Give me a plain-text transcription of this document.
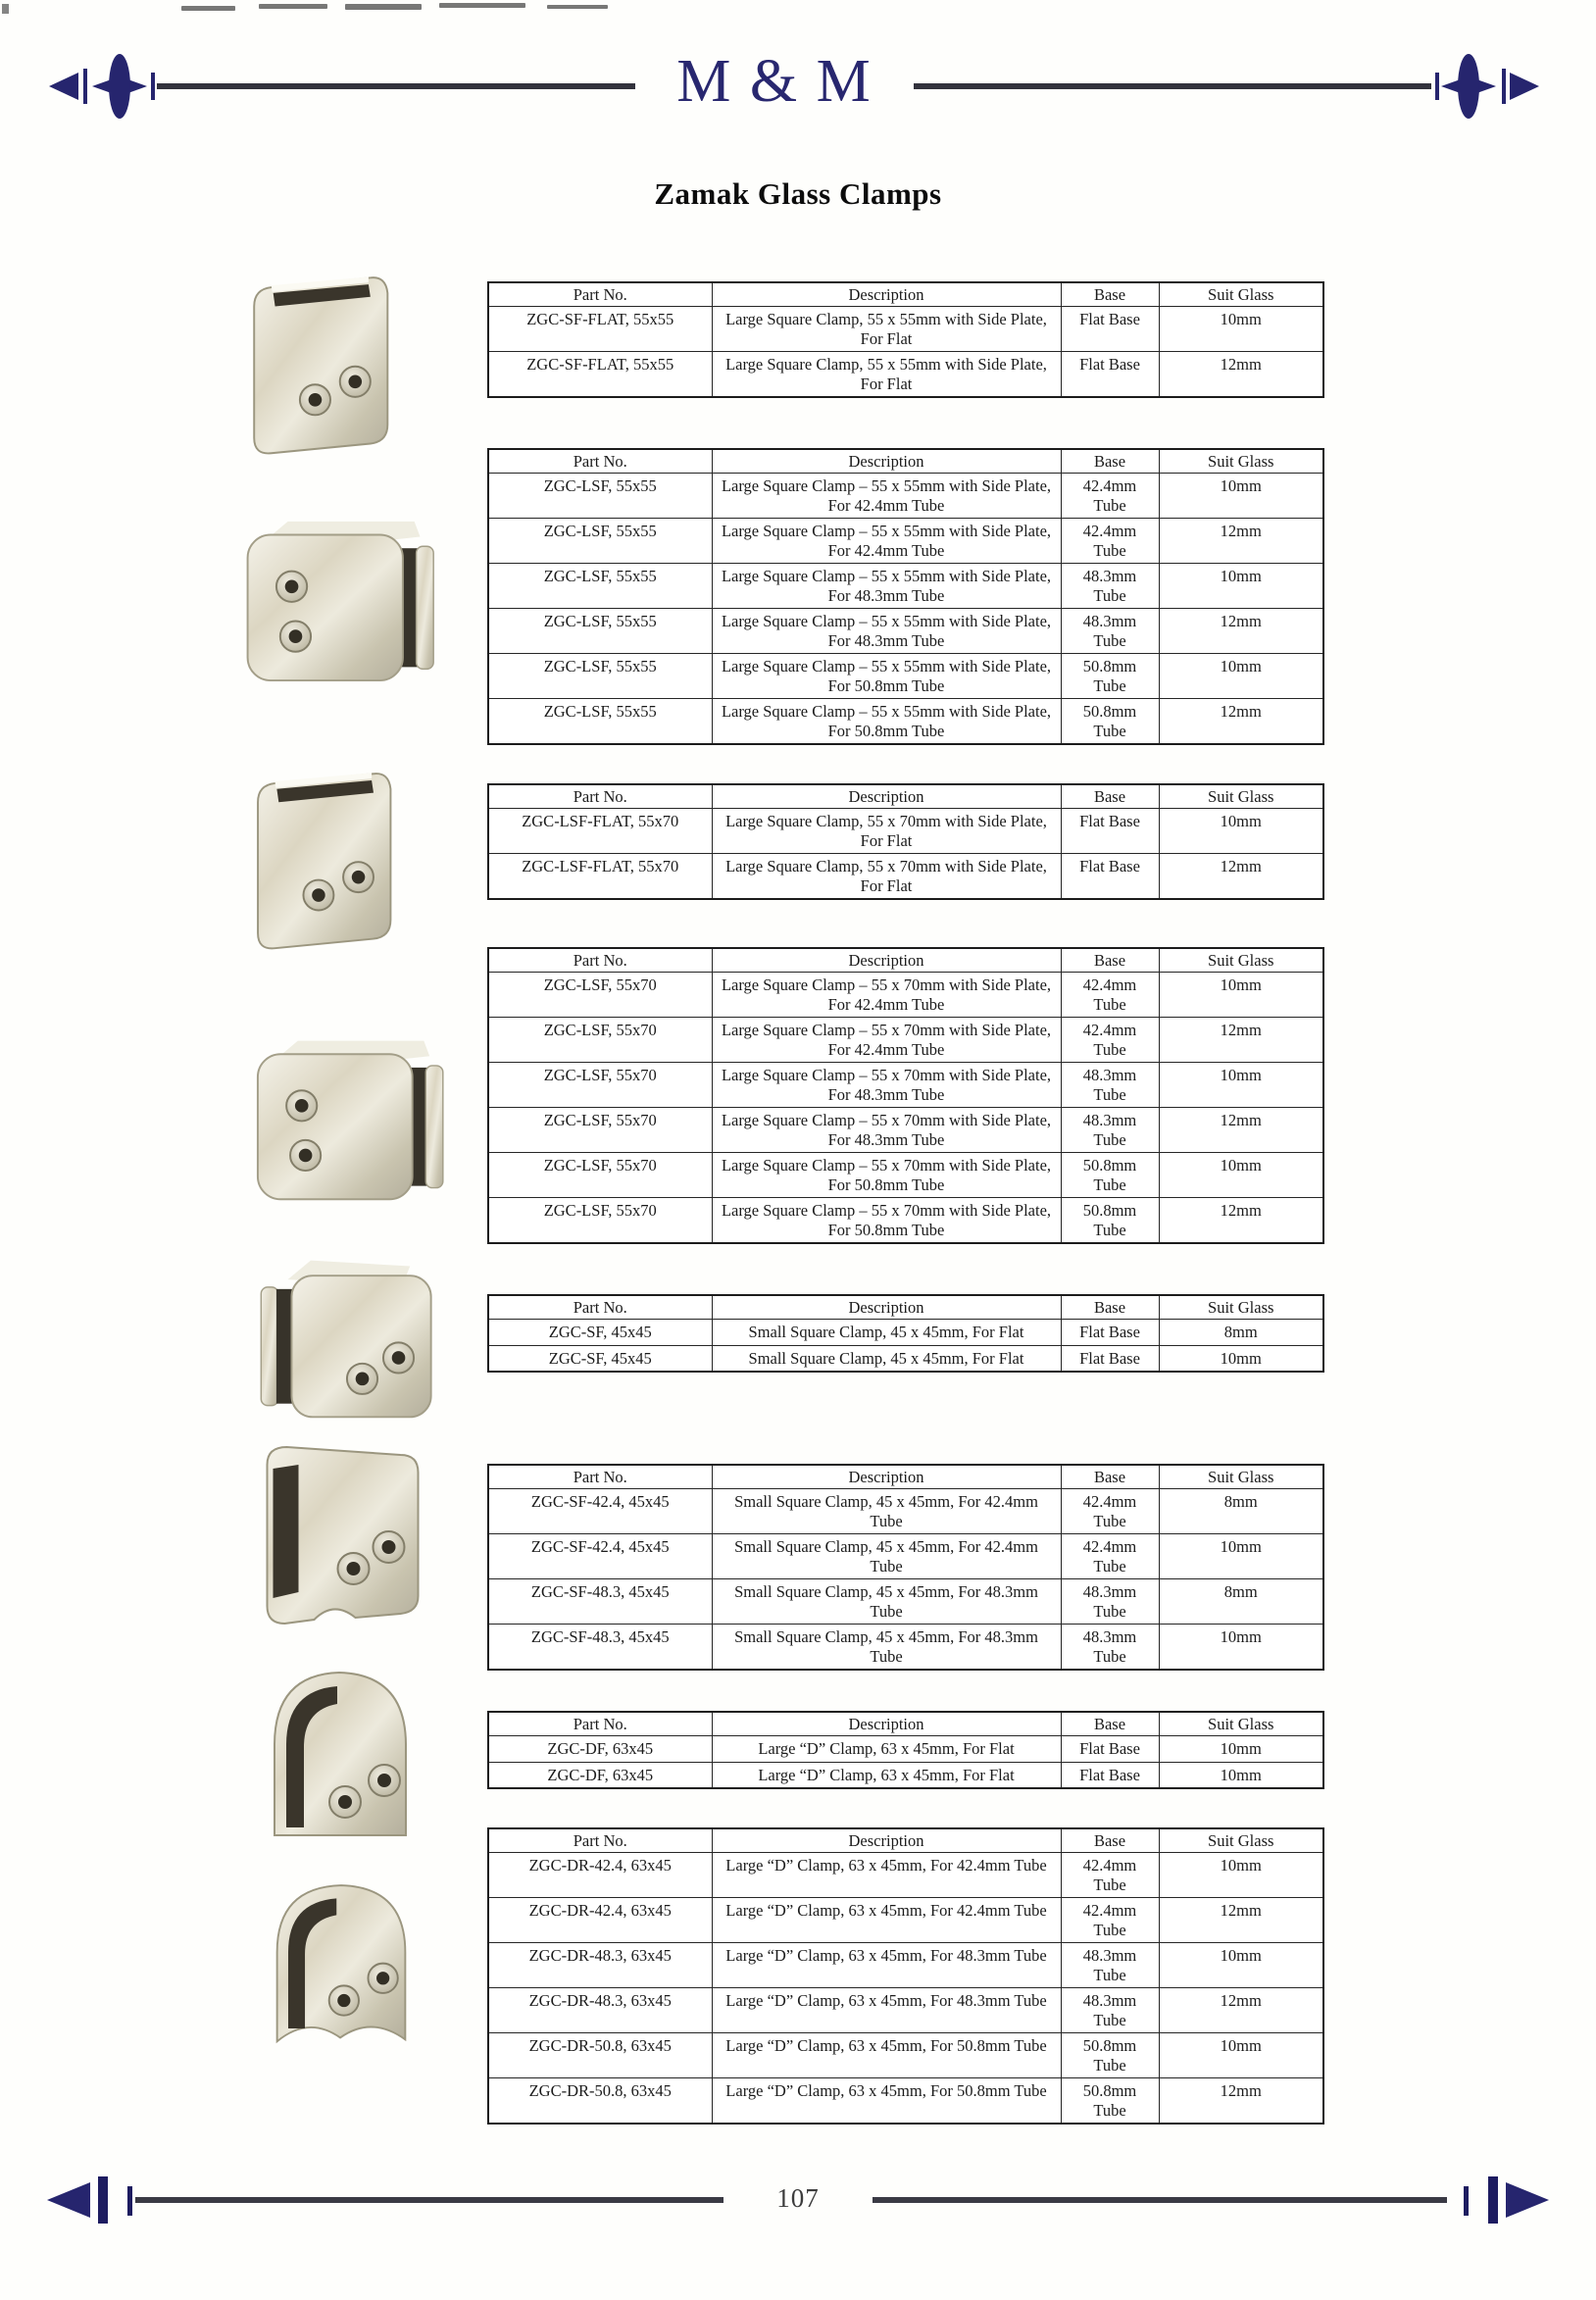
M & M
Zamak Glass Clamps
Part No.	Description	Base	Suit Glass
ZGC-SF-FLAT, 55x55	Large Square Clamp, 55 x 55mm with Side Plate, For Flat	Flat Base	10mm
ZGC-SF-FLAT, 55x55	Large Square Clamp, 55 x 55mm with Side Plate, For Flat	Flat Base	12mm
Part No.	Description	Base	Suit Glass
ZGC-LSF, 55x55	Large Square Clamp – 55 x 55mm with Side Plate, For 42.4mm Tube	42.4mm Tube	10mm
ZGC-LSF, 55x55	Large Square Clamp – 55 x 55mm with Side Plate, For 42.4mm Tube	42.4mm Tube	12mm
ZGC-LSF, 55x55	Large Square Clamp – 55 x 55mm with Side Plate, For 48.3mm Tube	48.3mm Tube	10mm
ZGC-LSF, 55x55	Large Square Clamp – 55 x 55mm with Side Plate, For 48.3mm Tube	48.3mm Tube	12mm
ZGC-LSF, 55x55	Large Square Clamp – 55 x 55mm with Side Plate, For 50.8mm Tube	50.8mm Tube	10mm
ZGC-LSF, 55x55	Large Square Clamp – 55 x 55mm with Side Plate, For 50.8mm Tube	50.8mm Tube	12mm
Part No.	Description	Base	Suit Glass
ZGC-LSF-FLAT, 55x70	Large Square Clamp, 55 x 70mm with Side Plate, For Flat	Flat Base	10mm
ZGC-LSF-FLAT, 55x70	Large Square Clamp, 55 x 70mm with Side Plate, For Flat	Flat Base	12mm
Part No.	Description	Base	Suit Glass
ZGC-LSF, 55x70	Large Square Clamp – 55 x 70mm with Side Plate, For 42.4mm Tube	42.4mm Tube	10mm
ZGC-LSF, 55x70	Large Square Clamp – 55 x 70mm with Side Plate, For 42.4mm Tube	42.4mm Tube	12mm
ZGC-LSF, 55x70	Large Square Clamp – 55 x 70mm with Side Plate, For 48.3mm Tube	48.3mm Tube	10mm
ZGC-LSF, 55x70	Large Square Clamp – 55 x 70mm with Side Plate, For 48.3mm Tube	48.3mm Tube	12mm
ZGC-LSF, 55x70	Large Square Clamp – 55 x 70mm with Side Plate, For 50.8mm Tube	50.8mm Tube	10mm
ZGC-LSF, 55x70	Large Square Clamp – 55 x 70mm with Side Plate, For 50.8mm Tube	50.8mm Tube	12mm
Part No.	Description	Base	Suit Glass
ZGC-SF, 45x45	Small Square Clamp, 45 x 45mm, For Flat	Flat Base	8mm
ZGC-SF, 45x45	Small Square Clamp, 45 x 45mm, For Flat	Flat Base	10mm
Part No.	Description	Base	Suit Glass
ZGC-SF-42.4, 45x45	Small Square Clamp, 45 x 45mm, For 42.4mm Tube	42.4mm Tube	8mm
ZGC-SF-42.4, 45x45	Small Square Clamp, 45 x 45mm, For 42.4mm Tube	42.4mm Tube	10mm
ZGC-SF-48.3, 45x45	Small Square Clamp, 45 x 45mm, For 48.3mm Tube	48.3mm Tube	8mm
ZGC-SF-48.3, 45x45	Small Square Clamp, 45 x 45mm, For 48.3mm Tube	48.3mm Tube	10mm
Part No.	Description	Base	Suit Glass
ZGC-DF, 63x45	Large “D” Clamp, 63 x 45mm, For Flat	Flat Base	10mm
ZGC-DF, 63x45	Large “D” Clamp, 63 x 45mm, For Flat	Flat Base	10mm
Part No.	Description	Base	Suit Glass
ZGC-DR-42.4, 63x45	Large “D” Clamp, 63 x 45mm, For 42.4mm Tube	42.4mm Tube	10mm
ZGC-DR-42.4, 63x45	Large “D” Clamp, 63 x 45mm, For 42.4mm Tube	42.4mm Tube	12mm
ZGC-DR-48.3, 63x45	Large “D” Clamp, 63 x 45mm, For 48.3mm Tube	48.3mm Tube	10mm
ZGC-DR-48.3, 63x45	Large “D” Clamp, 63 x 45mm, For 48.3mm Tube	48.3mm Tube	12mm
ZGC-DR-50.8, 63x45	Large “D” Clamp, 63 x 45mm, For 50.8mm Tube	50.8mm Tube	10mm
ZGC-DR-50.8, 63x45	Large “D” Clamp, 63 x 45mm, For 50.8mm Tube	50.8mm Tube	12mm
107
